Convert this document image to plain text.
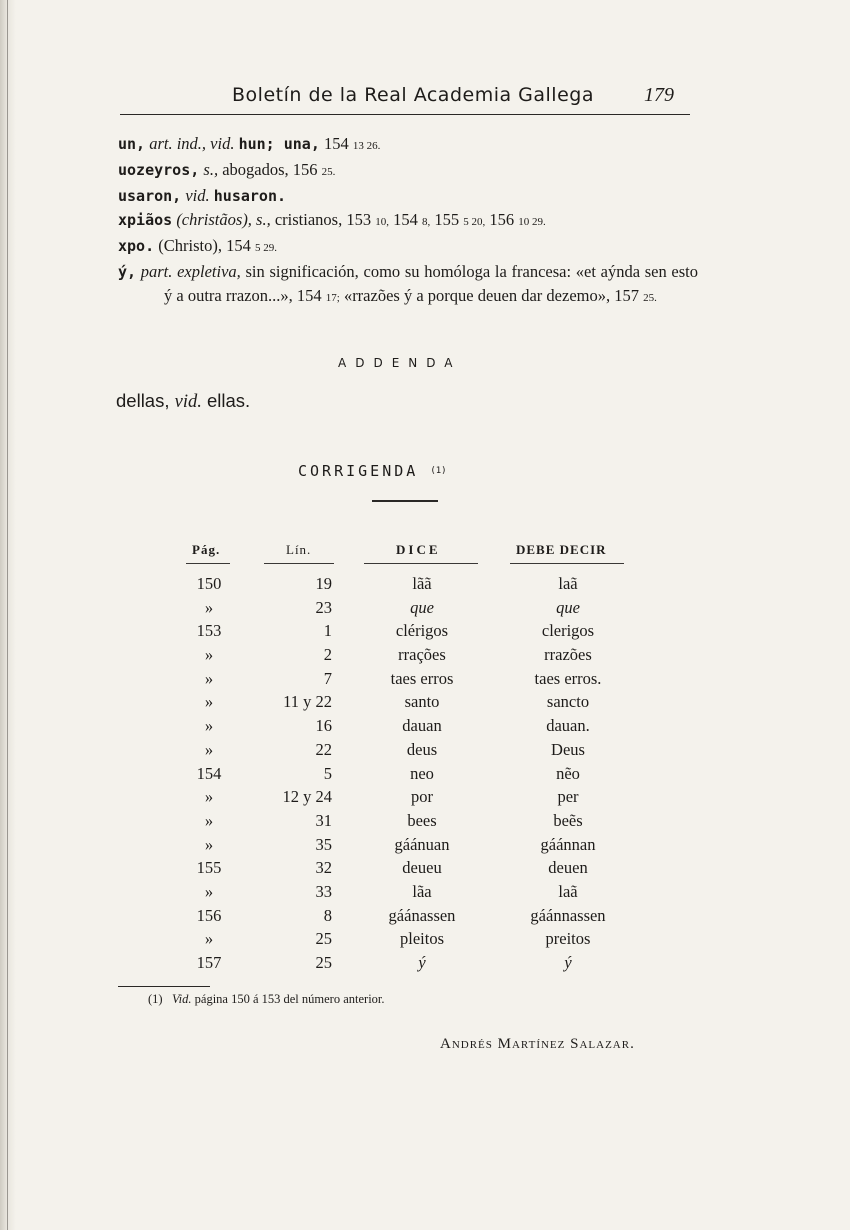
Boletín de la Real Academia Gallega	179
un, art. ind., vid. hun; una, 154 13 26.
uozeyros, s., abogados, 156 25.
usaron, vid. husaron.
xpiãos (christãos), s., cristianos, 153 10, 154 8, 155 5 20, 156 10 29.
xpo. (Christo), 154 5 29.
ý, part. expletiva, sin significación, como su homóloga la francesa: «et aýnda sen esto ý a outra rrazon...», 154 17; «rrazões ý a porque deuen dar dezemo», 157 25.
ADDENDA
dellas, vid. ellas.
CORRIGENDA $^{(1)}$
Pág.	Lín.	DICE	DEBE DECIR
150	19	lãã	laã
»	23	que	que
153	1	clérigos	clerigos
»	2	rrações	rrazões
»	7	taes erros	taes erros.
»	11 y 22	santo	sancto
»	16	dauan	dauan.
»	22	deus	Deus
154	5	neo	nẽo
»	12 y 24	por	per
»	31	bees	beẽs
»	35	gáánuan	gáánnan
155	32	deueu	deuen
»	33	lãa	laã
156	8	gáánassen	gáánnassen
»	25	pleitos	preitos
157	25	ý	ý
(1) Vid. página 150 á 153 del número anterior.
Andrés Martínez Salazar.
